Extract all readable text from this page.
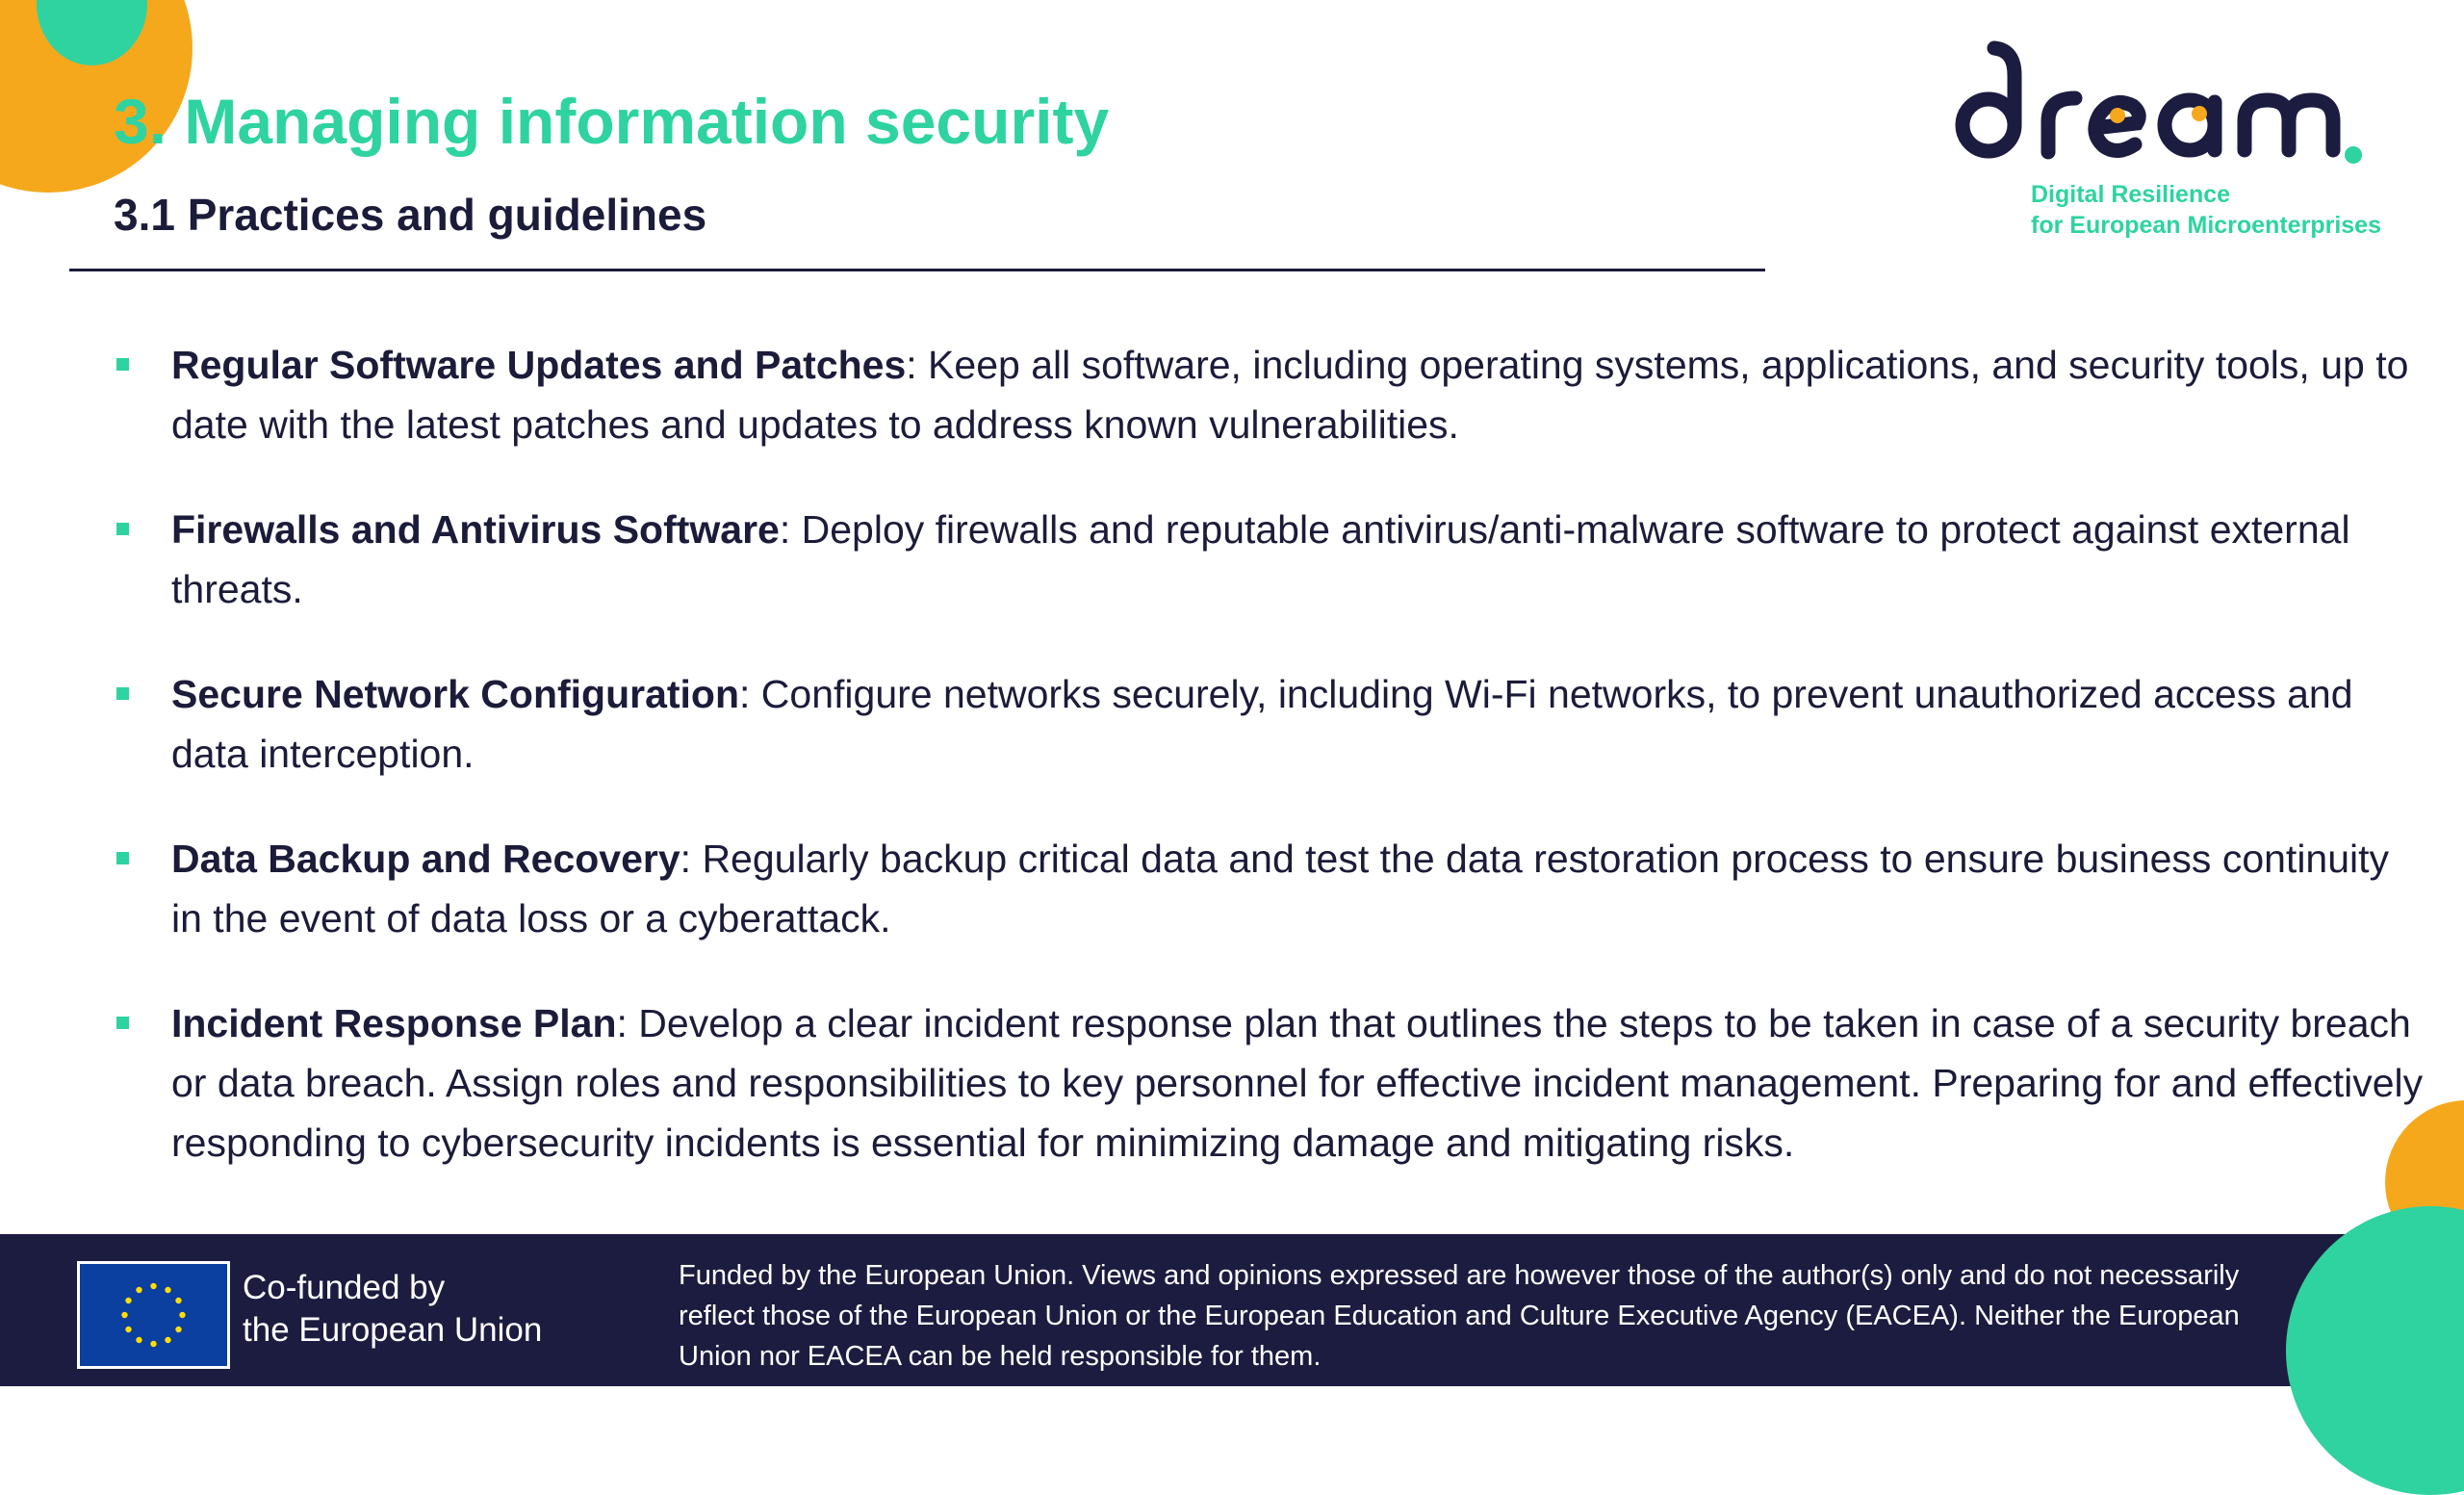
3. Managing information security
3.1 Practices and guidelines	Digital Resilience
for European Microenterprises
Regular Software Updates and Patches: Keep all software, including operating systems, applications, and security tools, up to date with the latest patches and updates to address known vulnerabilities.
Firewalls and Antivirus Software: Deploy firewalls and reputable antivirus/anti-malware software to protect against external threats.
Secure Network Configuration: Configure networks securely, including Wi-Fi networks, to prevent unauthorized access and data interception.
Data Backup and Recovery: Regularly backup critical data and test the data restoration process to ensure business continuity in the event of data loss or a cyberattack.
Incident Response Plan: Develop a clear incident response plan that outlines the steps to be taken in case of a security breach or data breach. Assign roles and responsibilities to key personnel for effective incident management. Preparing for and effectively responding to cybersecurity incidents is essential for minimizing damage and mitigating risks.
Co-funded by
the European Union
Funded by the European Union. Views and opinions expressed are however those of the author(s) only and do not necessarily reflect those of the European Union or the European Education and Culture Executive Agency (EACEA). Neither the European Union nor EACEA can be held responsible for them.
